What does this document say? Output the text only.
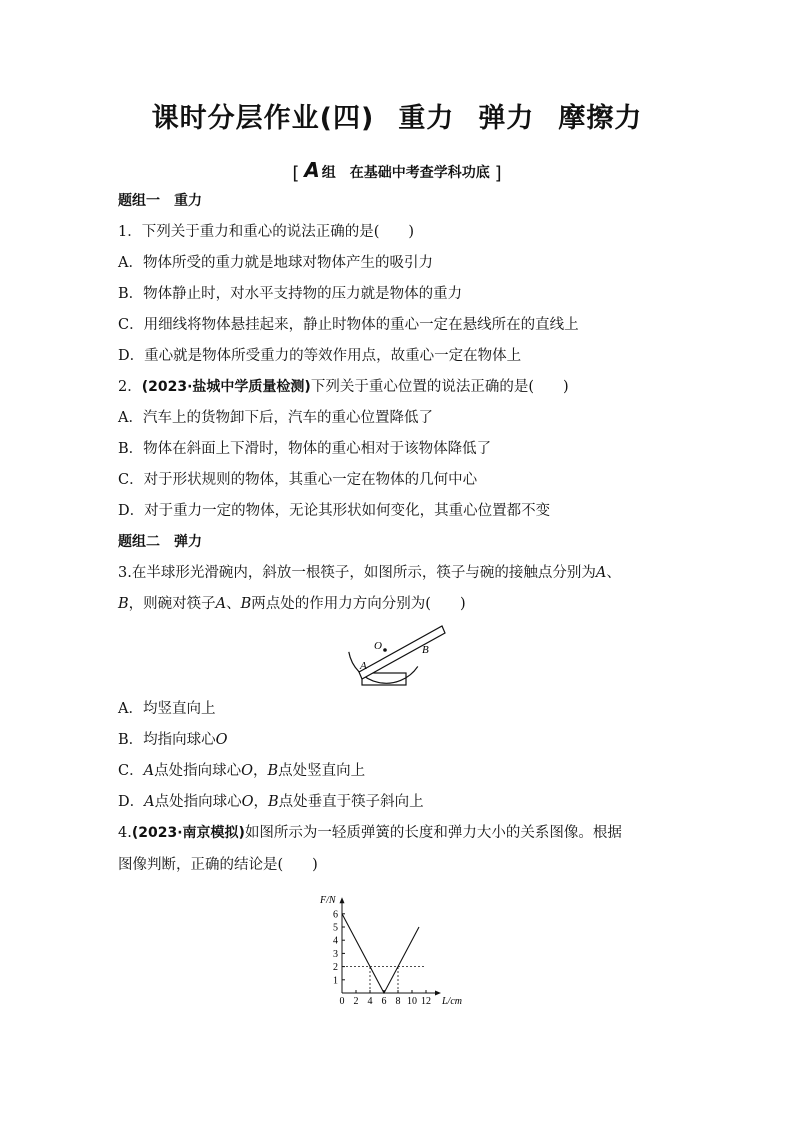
课时分层作业(四) 重力 弹力 摩擦力
[ A 组　在基础中考查学科功底 ]
题组一　重力
1．下列关于重力和重心的说法正确的是(　　)
A．物体所受的重力就是地球对物体产生的吸引力
B．物体静止时，对水平支持物的压力就是物体的重力
C．用细线将物体悬挂起来，静止时物体的重心一定在悬线所在的直线上
D．重心就是物体所受重力的等效作用点，故重心一定在物体上
2．(2023·盐城中学质量检测)下列关于重心位置的说法正确的是(　　)
A．汽车上的货物卸下后，汽车的重心位置降低了
B．物体在斜面上下滑时，物体的重心相对于该物体降低了
C．对于形状规则的物体，其重心一定在物体的几何中心
D．对于重力一定的物体，无论其形状如何变化，其重心位置都不变
题组二　弹力
3.在半球形光滑碗内，斜放一根筷子，如图所示，筷子与碗的接触点分别为A、
B，则碗对筷子A、B两点处的作用力方向分别为(　　)
O
A
B
A．均竖直向上
B．均指向球心O
C．A点处指向球心O，B点处竖直向上
D．A点处指向球心O，B点处垂直于筷子斜向上
4.(2023·南京模拟)如图所示为一轻质弹簧的长度和弹力大小的关系图像。根据
图像判断，正确的结论是(　　)
0 2 4 6 8 10 12
1
2
3
4
5
6
F/N
L/cm
